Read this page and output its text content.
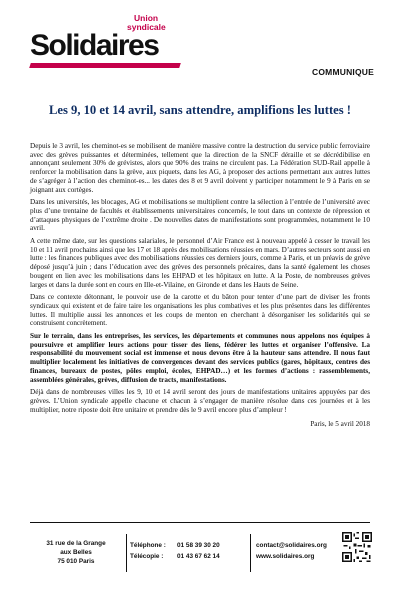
Union
syndicale
Solidaires
COMMUNIQUE
Les 9, 10 et 14 avril, sans attendre, amplifions les luttes !

Depuis le 3 avril, les cheminot-es se mobilisent de manière massive contre la destruction du service public ferroviaire avec des grèves puissantes et déterminées, tellement que la direction de la SNCF déraille et se décrédibilise en annonçant seulement 30% de grévistes, alors que 90% des trains ne circulent pas. La Fédération SUD-Rail appelle à renforcer la mobilisation dans la grève, aux piquets, dans les AG, à proposer des actions permettant aux autres luttes de s’agréger à l’action des cheminot-es... les dates des 8 et 9 avril doivent y participer notamment le 9 à Paris en se joignant aux cortèges.

Dans les universités, les blocages, AG et mobilisations se multiplient contre la sélection à l’entrée de l’université avec plus d’une trentaine de facultés et établissements universitaires concernés, le tout dans un contexte de répression et d’attaques physiques de l’extrême droite . De nouvelles dates de manifestations sont programmées, notamment le 10 avril.

A cette même date, sur les questions salariales, le personnel d’Air France est à nouveau appelé à cesser le travail les 10 et 11 avril prochains ainsi que les 17 et 18 après des mobilisations réussies en mars. D’autres secteurs sont aussi en lutte : les finances publiques avec des mobilisations réussies ces derniers jours, comme à Paris, et un préavis de grève déposé jusqu’à juin ; dans l’éducation avec des grèves des personnels précaires, dans la santé également les choses bougent en lien avec les mobilisations dans les EHPAD et les hôpitaux en lutte. A la Poste, de nombreuses grèves larges et dans la durée sont en cours en Ille-et-Vilaine, en Gironde et dans les Hauts de Seine.

Dans ce contexte détonnant, le pouvoir use de la carotte et du bâton pour tenter d’une part de diviser les fronts syndicaux qui existent et de faire taire les organisations les plus combatives et les plus présentes dans les différentes luttes. Il multiplie aussi les annonces et les coups de menton en cherchant à désorganiser les solidarités qui se construisent concrètement.

Sur le terrain, dans les entreprises, les services, les départements et communes nous appelons nos équipes à poursuivre et amplifier leurs actions pour tisser des liens, fédérer les luttes et organiser l’offensive. La responsabilité du mouvement social est immense et nous devons être à la hauteur sans attendre. Il nous faut multiplier localement les initiatives de convergences devant des services publics (gares, hôpitaux, centres des finances, bureaux de postes, pôles emploi, écoles, EHPAD…) et les formes d’actions : rassemblements, assemblées générales, grèves, diffusion de tracts, manifestations.

Déjà dans de nombreuses villes les 9, 10 et 14 avril seront des jours de manifestations unitaires appuyées par des grèves. L’Union syndicale appelle chacune et chacun à s’engager de manière résolue dans ces journées et à les multiplier, notre riposte doit être unitaire et prendre dès le 9 avril encore plus d’ampleur !

Paris, le 5 avril 2018
31 rue de la Grange
aux Belles
75 010 Paris
Téléphone : 01 58 39 30 20
Télécopie : 01 43 67 62 14
contact@solidaires.org
www.solidaires.org
